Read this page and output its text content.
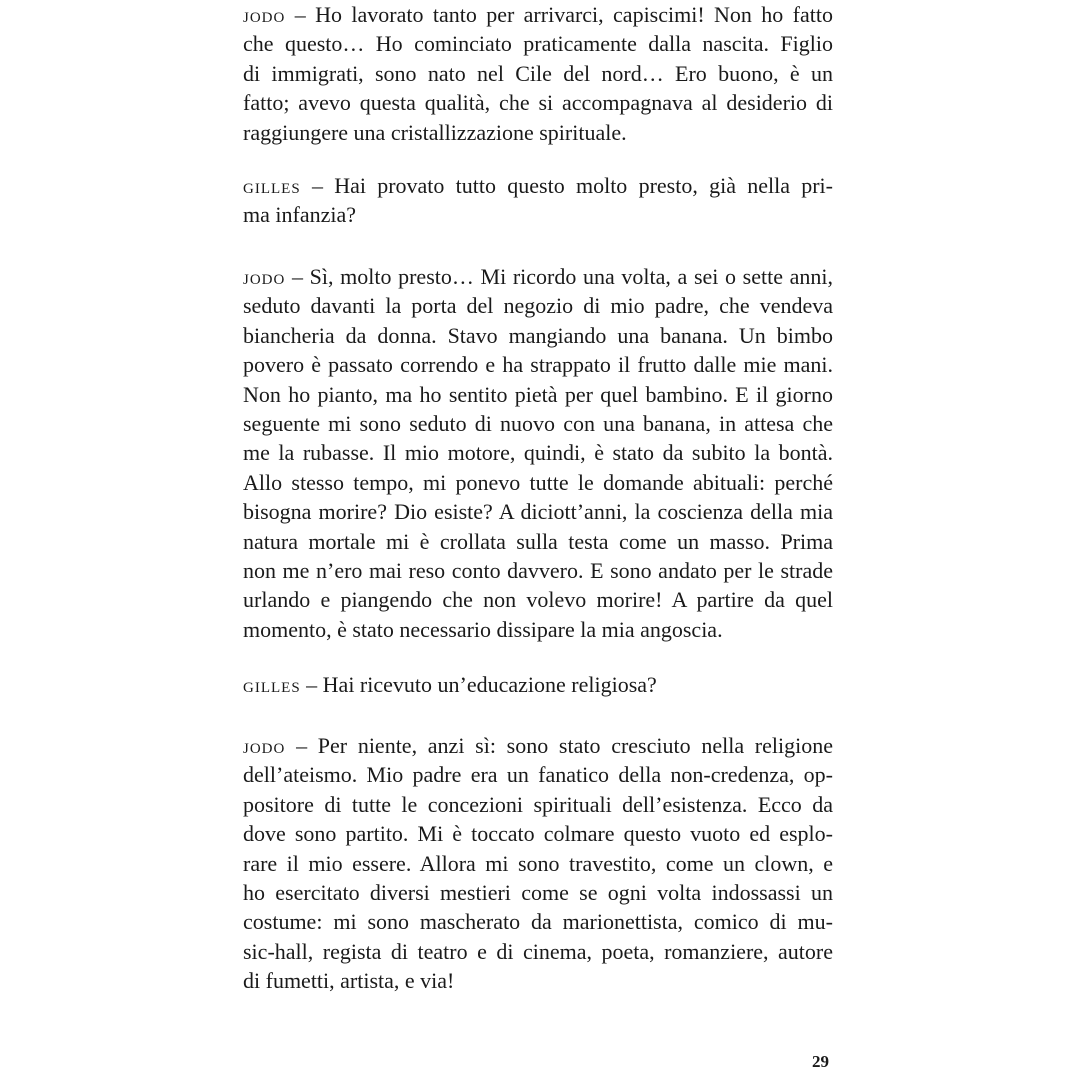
jodo – Ho lavorato tanto per arrivarci, capiscimi! Non ho fatto
che questo… Ho cominciato praticamente dalla nascita. Figlio
di immigrati, sono nato nel Cile del nord… Ero buono, è un
fatto; avevo questa qualità, che si accompagnava al desiderio di
raggiungere una cristallizzazione spirituale.
gilles – Hai provato tutto questo molto presto, già nella pri-
ma infanzia?
jodo – Sì, molto presto… Mi ricordo una volta, a sei o sette anni,
seduto davanti la porta del negozio di mio padre, che vendeva
biancheria da donna. Stavo mangiando una banana. Un bimbo
povero è passato correndo e ha strappato il frutto dalle mie mani.
Non ho pianto, ma ho sentito pietà per quel bambino. E il giorno
seguente mi sono seduto di nuovo con una banana, in attesa che
me la rubasse. Il mio motore, quindi, è stato da subito la bontà.
Allo stesso tempo, mi ponevo tutte le domande abituali: perché
bisogna morire? Dio esiste? A diciott’anni, la coscienza della mia
natura mortale mi è crollata sulla testa come un masso. Prima
non me n’ero mai reso conto davvero. E sono andato per le strade
urlando e piangendo che non volevo morire! A partire da quel
momento, è stato necessario dissipare la mia angoscia.
gilles – Hai ricevuto un’educazione religiosa?
jodo – Per niente, anzi sì: sono stato cresciuto nella religione
dell’ateismo. Mio padre era un fanatico della non-credenza, op-
positore di tutte le concezioni spirituali dell’esistenza. Ecco da
dove sono partito. Mi è toccato colmare questo vuoto ed esplo-
rare il mio essere. Allora mi sono travestito, come un clown, e
ho esercitato diversi mestieri come se ogni volta indossassi un
costume: mi sono mascherato da marionettista, comico di mu-
sic-hall, regista di teatro e di cinema, poeta, romanziere, autore
di fumetti, artista, e via!
29
